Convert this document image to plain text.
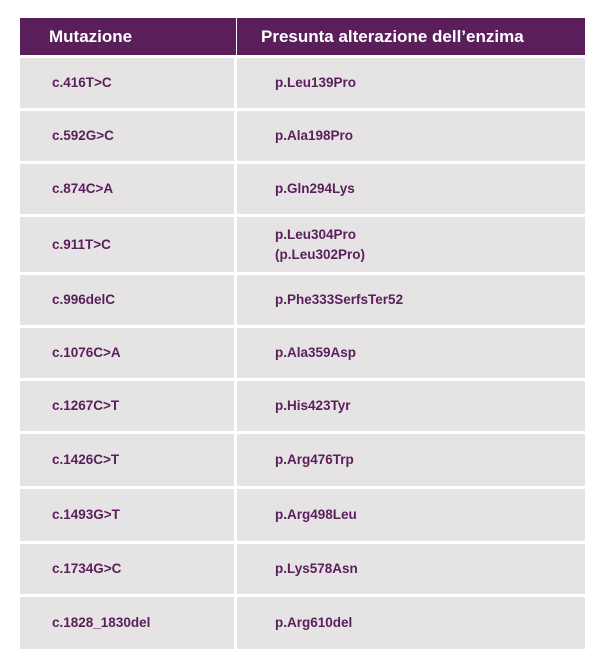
Mutazione	Presunta alterazione dell’enzima
c.416T>C	p.Leu139Pro

c.592G>C	p.Ala198Pro

c.874C>A	p.Gln294Lys

c.911T>C	p.Leu304Pro
(p.Leu302Pro)

c.996delC	p.Phe333SerfsTer52

c.1076C>A	p.Ala359Asp

c.1267C>T	p.His423Tyr

c.1426C>T	p.Arg476Trp

c.1493G>T	p.Arg498Leu

c.1734G>C	p.Lys578Asn

c.1828_1830del	p.Arg610del
